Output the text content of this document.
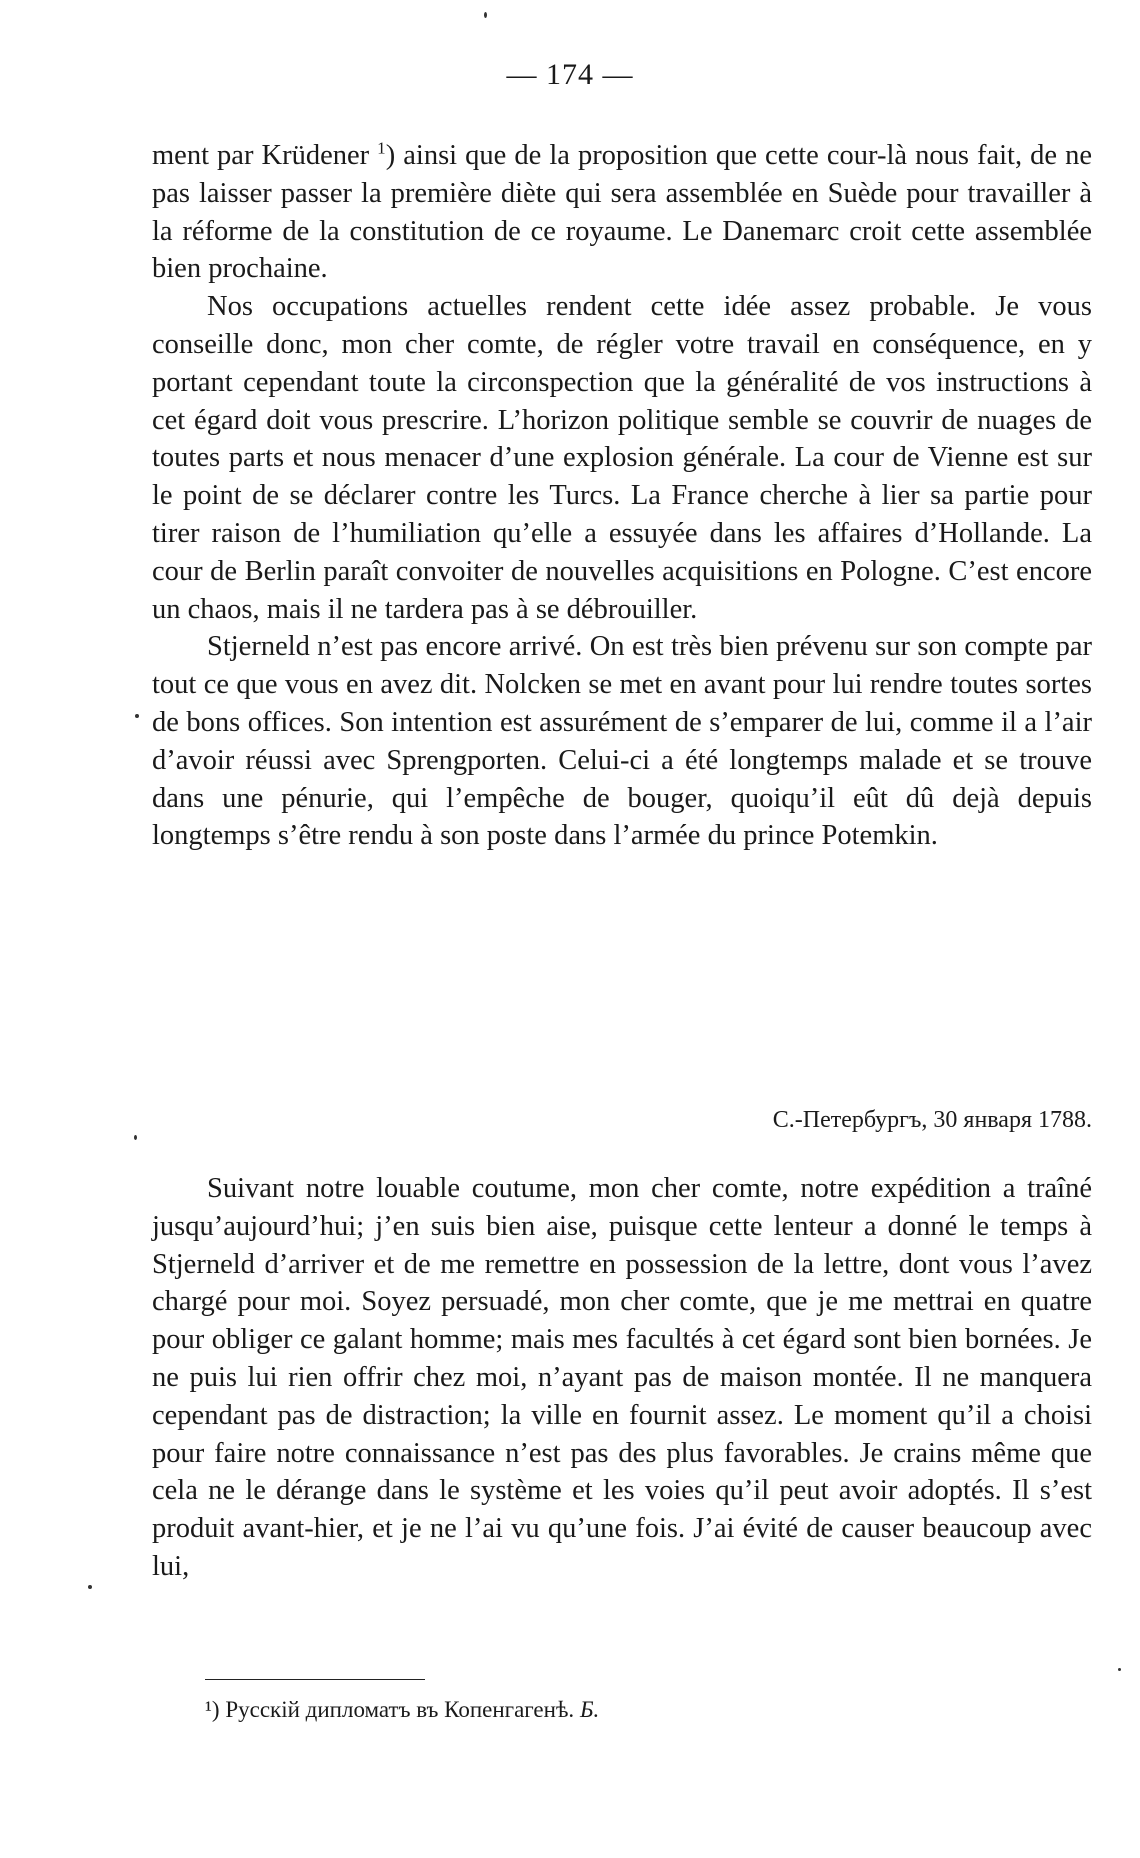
— 174 —

ment par Krüdener $^1$) ainsi que de la proposition que cette cour-là nous fait, de ne pas laisser passer la première diète qui sera assemblée en Suède pour travailler à la réforme de la constitution de ce royaume. Le Danemarc croit cette assemblée bien prochaine.

Nos occupations actuelles rendent cette idée assez probable. Je vous conseille donc, mon cher comte, de régler votre travail en conséquence, en y portant cependant toute la circonspection que la généralité de vos instructions à cet égard doit vous prescrire. L’horizon politique semble se couvrir de nuages de toutes parts et nous menacer d’une explosion générale. La cour de Vienne est sur le point de se déclarer contre les Turcs. La France cherche à lier sa partie pour tirer raison de l’humiliation qu’elle a essuyée dans les affaires d’Hollande. La cour de Berlin paraît convoiter de nouvelles acquisitions en Pologne. C’est encore un chaos, mais il ne tardera pas à se débrouiller.

Stjerneld n’est pas encore arrivé. On est très bien prévenu sur son compte par tout ce que vous en avez dit. Nolcken se met en avant pour lui rendre toutes sortes de bons offices. Son intention est assurément de s’emparer de lui, comme il a l’air d’avoir réussi avec Sprengporten. Celui-ci a été longtemps malade et se trouve dans une pénurie, qui l’empêche de bouger, quoiqu’il eût dû dejà depuis longtemps s’être rendu à son poste dans l’armée du prince Potemkin.

С.-Петербургъ, 30 января 1788.

Suivant notre louable coutume, mon cher comte, notre expédition a traîné jusqu’aujourd’hui; j’en suis bien aise, puisque cette lenteur a donné le temps à Stjerneld d’arriver et de me remettre en possession de la lettre, dont vous l’avez chargé pour moi. Soyez persuadé, mon cher comte, que je me mettrai en quatre pour obliger ce galant homme; mais mes facultés à cet égard sont bien bornées. Je ne puis lui rien offrir chez moi, n’ayant pas de maison montée. Il ne manquera cependant pas de distraction; la ville en fournit assez. Le moment qu’il a choisi pour faire notre connaissance n’est pas des plus favorables. Je crains même que cela ne le dérange dans le système et les voies qu’il peut avoir adoptés. Il s’est produit avant-hier, et je ne l’ai vu qu’une fois. J’ai évité de causer beaucoup avec lui,

¹) Русскій дипломатъ въ Копенгагенѣ. Б.
